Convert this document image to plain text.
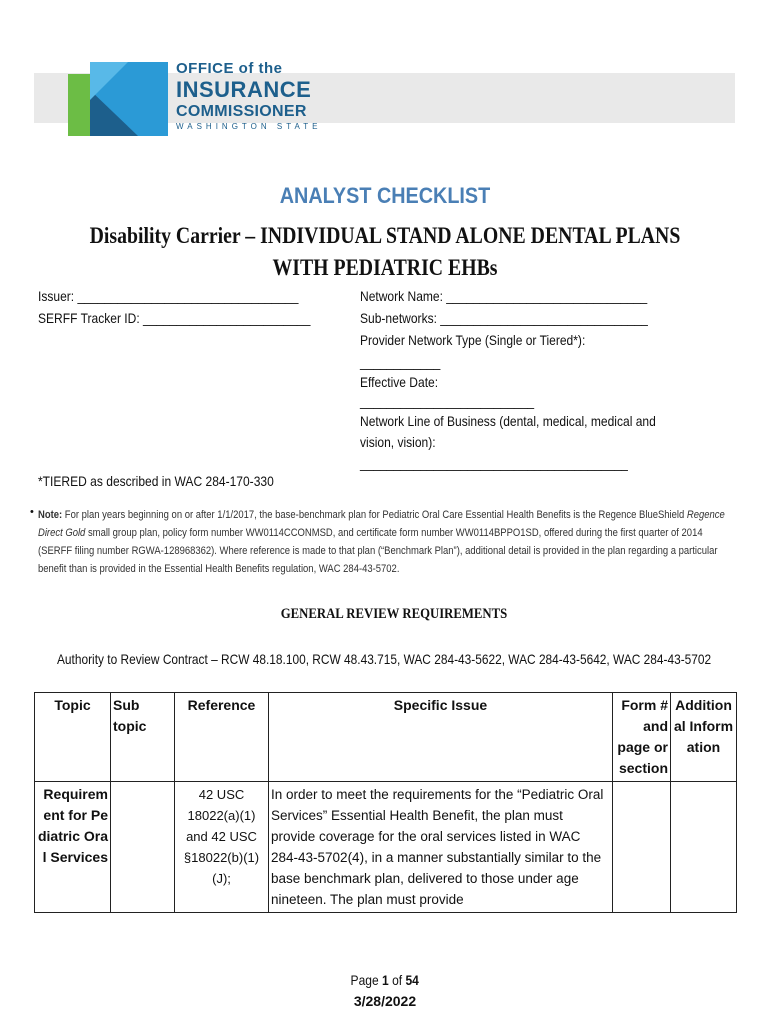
OFFICE of the
INSURANCE
COMMISSIONER
WASHINGTON STATE
ANALYST CHECKLIST
Disability Carrier – INDIVIDUAL STAND ALONE DENTAL PLANS
WITH PEDIATRIC EHBs
Issuer: _________________________________
SERFF Tracker ID: _________________________
Network Name: ______________________________
Sub-networks: _______________________________
Provider Network Type (Single or Tiered*):
____________
Effective Date:
__________________________
Network Line of Business (dental, medical, medical and
vision, vision):
________________________________________
*TIERED as described in WAC 284-170-330
• Note: For plan years beginning on or after 1/1/2017, the base-benchmark plan for Pediatric Oral Care Essential Health Benefits is the Regence BlueShield Regence Direct Gold small group plan, policy form number WW0114CCONMSD, and certificate form number WW0114BPPO1SD, offered during the first quarter of 2014 (SERFF filing number RGWA-128968362). Where reference is made to that plan (“Benchmark Plan”), additional detail is provided in the plan regarding a particular benefit than is provided in the Essential Health Benefits regulation, WAC 284-43-5702.

GENERAL REVIEW REQUIREMENTS
Authority to Review Contract – RCW 48.18.100, RCW 48.43.715, WAC 284-43-5622, WAC 284-43-5642, WAC 284-43-5702
Topic	Sub topic	Reference	Specific Issue	Form # and page or section	Additional Information
Requirement for Pediatric Oral Services		42 USC 18022(a)(1) and 42 USC §18022(b)(1)(J);	In order to meet the requirements for the “Pediatric Oral Services” Essential Health Benefit, the plan must provide coverage for the oral services listed in WAC 284-43-5702(4), in a manner substantially similar to the base benchmark plan, delivered to those under age nineteen. The plan must provide		
Page 1 of 54
3/28/2022
